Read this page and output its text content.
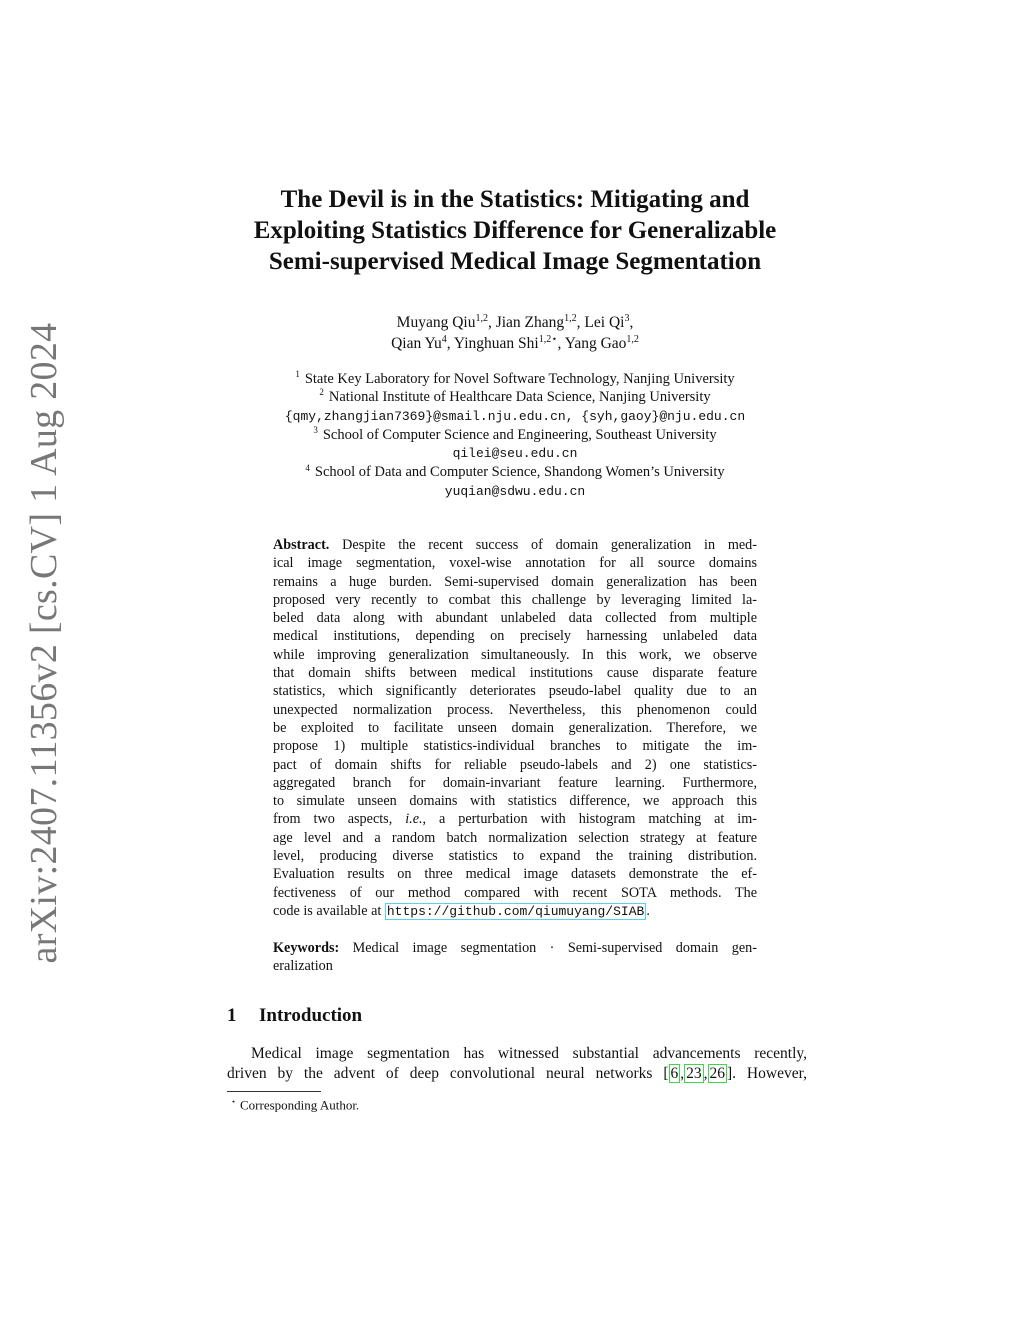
arXiv:2407.11356v2 [cs.CV] 1 Aug 2024
The Devil is in the Statistics: Mitigating and
Exploiting Statistics Difference for Generalizable
Semi-supervised Medical Image Segmentation
Muyang Qiu$^{1,2}$, Jian Zhang$^{1,2}$, Lei Qi$^3$,
Qian Yu$^4$, Yinghuan Shi$^{1,2⋆}$, Yang Gao$^{1,2}$
$^1$ State Key Laboratory for Novel Software Technology, Nanjing University
$^2$ National Institute of Healthcare Data Science, Nanjing University
{qmy,zhangjian7369}@smail.nju.edu.cn, {syh,gaoy}@nju.edu.cn
$^3$ School of Computer Science and Engineering, Southeast University
qilei@seu.edu.cn
$^4$ School of Data and Computer Science, Shandong Women’s University
yuqian@sdwu.edu.cn
Abstract. Despite the recent success of domain generalization in med-
ical image segmentation, voxel-wise annotation for all source domains
remains a huge burden. Semi-supervised domain generalization has been
proposed very recently to combat this challenge by leveraging limited la-
beled data along with abundant unlabeled data collected from multiple
medical institutions, depending on precisely harnessing unlabeled data
while improving generalization simultaneously. In this work, we observe
that domain shifts between medical institutions cause disparate feature
statistics, which significantly deteriorates pseudo-label quality due to an
unexpected normalization process. Nevertheless, this phenomenon could
be exploited to facilitate unseen domain generalization. Therefore, we
propose 1) multiple statistics-individual branches to mitigate the im-
pact of domain shifts for reliable pseudo-labels and 2) one statistics-
aggregated branch for domain-invariant feature learning. Furthermore,
to simulate unseen domains with statistics difference, we approach this
from two aspects, i.e., a perturbation with histogram matching at im-
age level and a random batch normalization selection strategy at feature
level, producing diverse statistics to expand the training distribution.
Evaluation results on three medical image datasets demonstrate the ef-
fectiveness of our method compared with recent SOTA methods. The
code is available at https://github.com/qiumuyang/SIAB .
Keywords: Medical image segmentation · Semi-supervised domain gen-
eralization
1 Introduction
Medical image segmentation has witnessed substantial advancements recently,
driven by the advent of deep convolutional neural networks [ 6 , 23 , 26 ]. However,
⋆ Corresponding Author.
